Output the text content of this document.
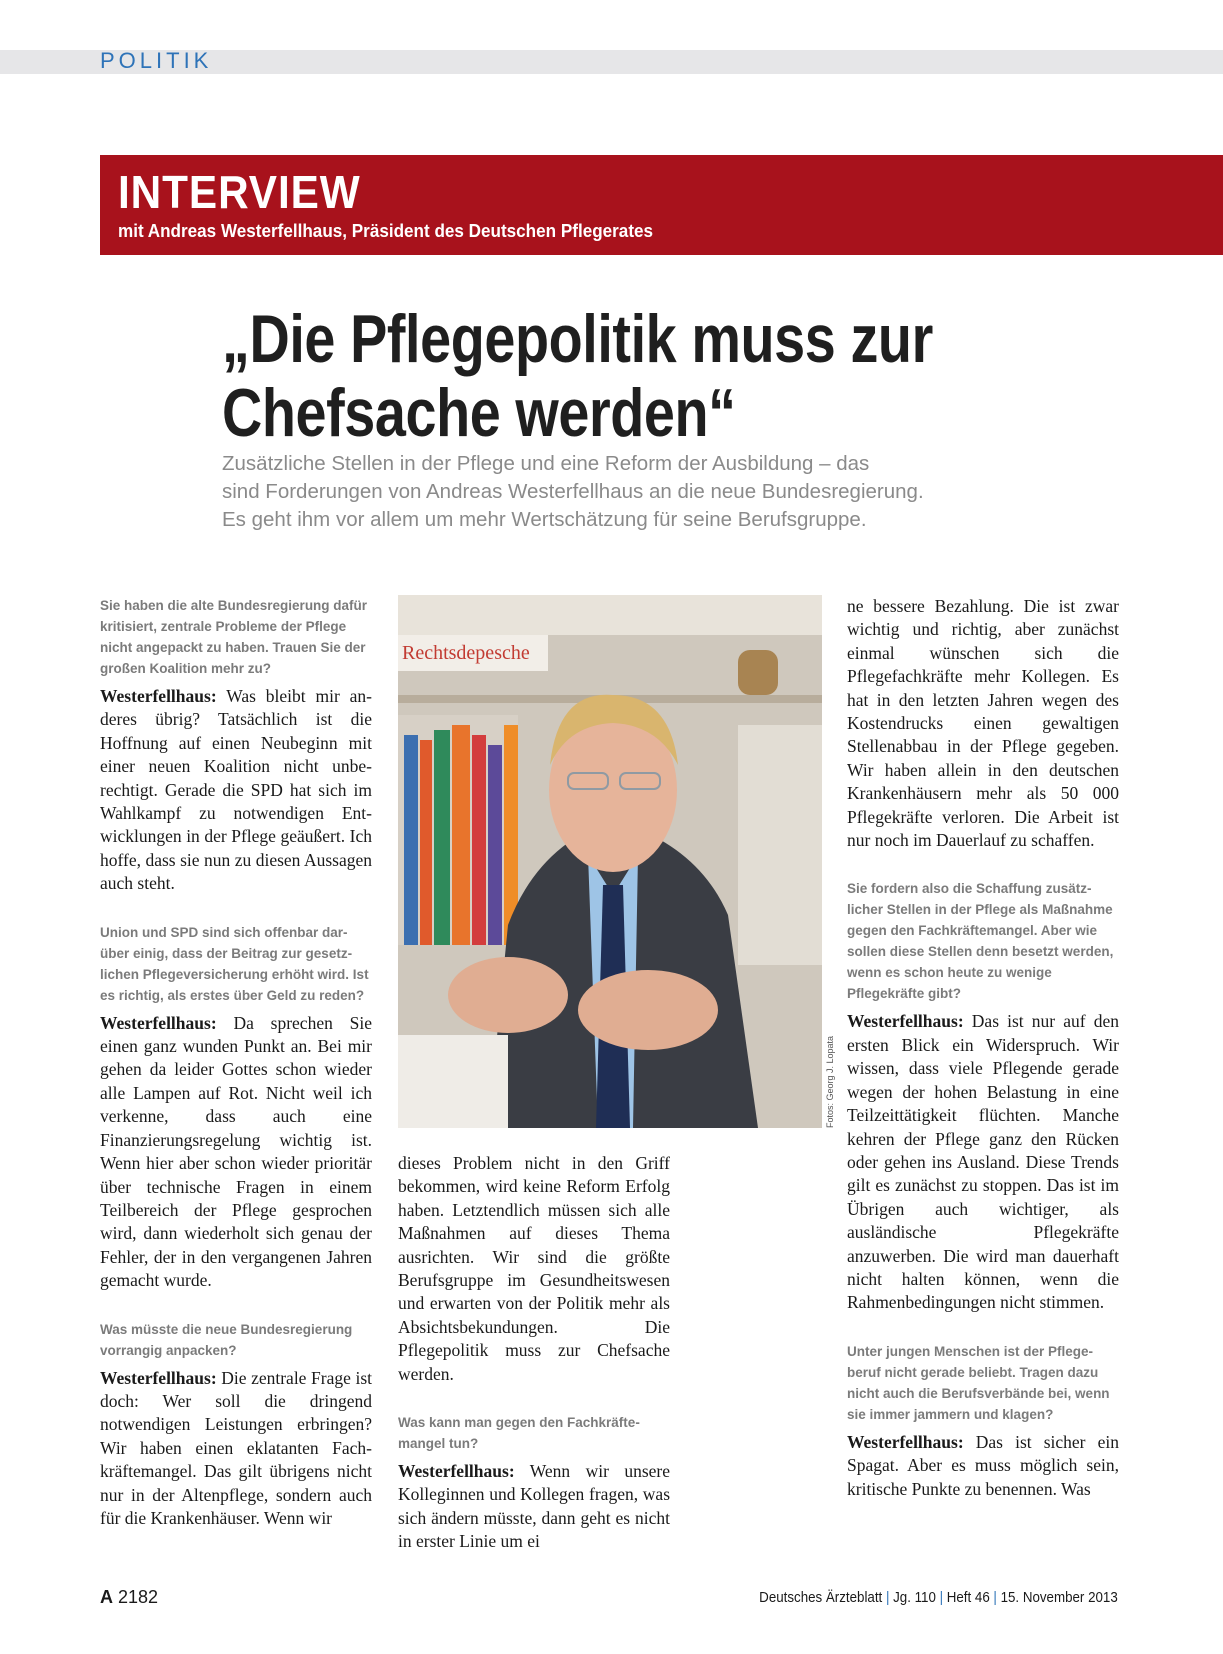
POLITIK
INTERVIEW
mit Andreas Westerfellhaus, Präsident des Deutschen Pflegerates
„Die Pflegepolitik muss zur
Chefsache werden“
Zusätzliche Stellen in der Pflege und eine Reform der Ausbildung – das
sind Forderungen von Andreas Westerfellhaus an die neue Bundesregierung.
Es geht ihm vor allem um mehr Wertschätzung für seine Berufsgruppe.

Sie haben die alte Bundesregierung dafür kritisiert, zentrale Probleme der Pflege nicht angepackt zu haben. Trauen Sie der großen Koalition mehr zu?

Westerfellhaus: Was bleibt mir anderes übrig? Tatsächlich ist die Hoffnung auf einen Neubeginn mit einer neuen Koalition nicht unberechtigt. Gerade die SPD hat sich im Wahlkampf zu notwendigen Entwicklungen in der Pflege geäußert. Ich hoffe, dass sie nun zu diesen Aussagen auch steht.

Union und SPD sind sich offenbar darüber einig, dass der Beitrag zur gesetzlichen Pflegeversicherung erhöht wird. Ist es richtig, als erstes über Geld zu reden?

Westerfellhaus: Da sprechen Sie einen ganz wunden Punkt an. Bei mir gehen da leider Gottes schon wieder alle Lampen auf Rot. Nicht weil ich verkenne, dass auch eine Finanzierungsregelung wichtig ist. Wenn hier aber schon wieder prioritär über technische Fragen in einem Teilbereich der Pflege gesprochen wird, dann wiederholt sich genau der Fehler, der in den vergangenen Jahren gemacht wurde.

Was müsste die neue Bundesregierung vorrangig anpacken?

Westerfellhaus: Die zentrale Frage ist doch: Wer soll die dringend notwendigen Leistungen erbringen? Wir haben einen eklatanten Fachkräftemangel. Das gilt übrigens nicht nur in der Altenpflege, sondern auch für die Krankenhäuser. Wenn wir

Rechtsdepesche
Fotos: Georg J. Lopata

dieses Problem nicht in den Griff bekommen, wird keine Reform Erfolg haben. Letztendlich müssen sich alle Maßnahmen auf dieses Thema ausrichten. Wir sind die größte Berufsgruppe im Gesundheitswesen und erwarten von der Politik mehr als Absichtsbekundungen. Die Pflegepolitik muss zur Chefsache werden.

Was kann man gegen den Fachkräftemangel tun?

Westerfellhaus: Wenn wir unsere Kolleginnen und Kollegen fragen, was sich ändern müsste, dann geht es nicht in erster Linie um ei

ne bessere Bezahlung. Die ist zwar wichtig und richtig, aber zunächst einmal wünschen sich die Pflegefachkräfte mehr Kollegen. Es hat in den letzten Jahren wegen des Kostendrucks einen gewaltigen Stellenabbau in der Pflege gegeben. Wir haben allein in den deutschen Krankenhäusern mehr als 50 000 Pflegekräfte verloren. Die Arbeit ist nur noch im Dauerlauf zu schaffen.

Sie fordern also die Schaffung zusätzlicher Stellen in der Pflege als Maßnahme gegen den Fachkräftemangel. Aber wie sollen diese Stellen denn besetzt werden, wenn es schon heute zu wenige Pflegekräfte gibt?

Westerfellhaus: Das ist nur auf den ersten Blick ein Widerspruch. Wir wissen, dass viele Pflegende gerade wegen der hohen Belastung in eine Teilzeittätigkeit flüchten. Manche kehren der Pflege ganz den Rücken oder gehen ins Ausland. Diese Trends gilt es zunächst zu stoppen. Das ist im Übrigen auch wichtiger, als ausländische Pflegekräfte anzuwerben. Die wird man dauerhaft nicht halten können, wenn die Rahmenbedingungen nicht stimmen.

Unter jungen Menschen ist der Pflegeberuf nicht gerade beliebt. Tragen dazu nicht auch die Berufsverbände bei, wenn sie immer jammern und klagen?

Westerfellhaus: Das ist sicher ein Spagat. Aber es muss möglich sein, kritische Punkte zu benennen. Was

A 2182	Deutsches Ärzteblatt | Jg. 110 | Heft 46 | 15. November 2013
